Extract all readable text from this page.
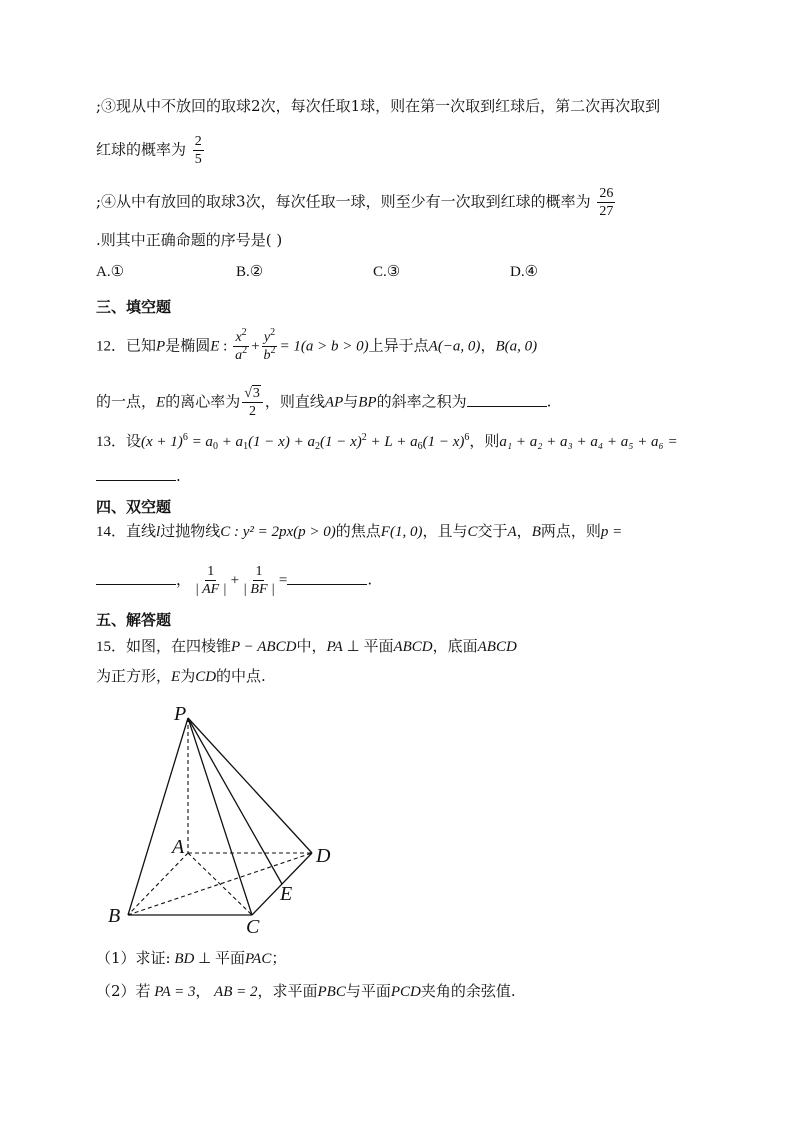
;③现从中不放回的取球2次，每次任取1球，则在第一次取到红球后，第二次再次取到
红球的概率为 $\frac{2}{5}$
;④从中有放回的取球3次，每次任取一球，则至少有一次取到红球的概率为 $\frac{26}{27}$
.则其中正确命题的序号是( )
A.①	B.②	C.③	D.④
三、填空题
12．已知P是椭圆E : $\frac{x^2}{a^2} + \frac{y^2}{b^2} = 1(a > b > 0)$上异于点A(−a, 0)，B(a, 0)
的一点，E的离心率为 $\frac{√3}{2}$ ，则直线AP与BP的斜率之积为	.
13．设$(x + 1)^6 = a_0 + a_1(1 - x) + a_2(1 - x)^2 + L + a_6(1 - x)^6$，则a₁ + a₂ + a₃ + a₄ + a₅ + a₆ =
.
四、双空题
14．直线l过抛物线C : y² = 2px(p > 0)的焦点F(1, 0)，且与C交于A，B两点，则p =
， $\frac{1}{| AF |} + \frac{1}{| BF |}$ =	.
五、解答题
15．如图，在四棱锥P − ABCD中，PA ⊥ 平面ABCD，底面ABCD
为正方形，E为CD的中点.
P
A
B	C
D
E
（1）求证: BD ⊥ 平面PAC；
（2）若 PA = 3， AB = 2，求平面PBC与平面PCD夹角的余弦值.
